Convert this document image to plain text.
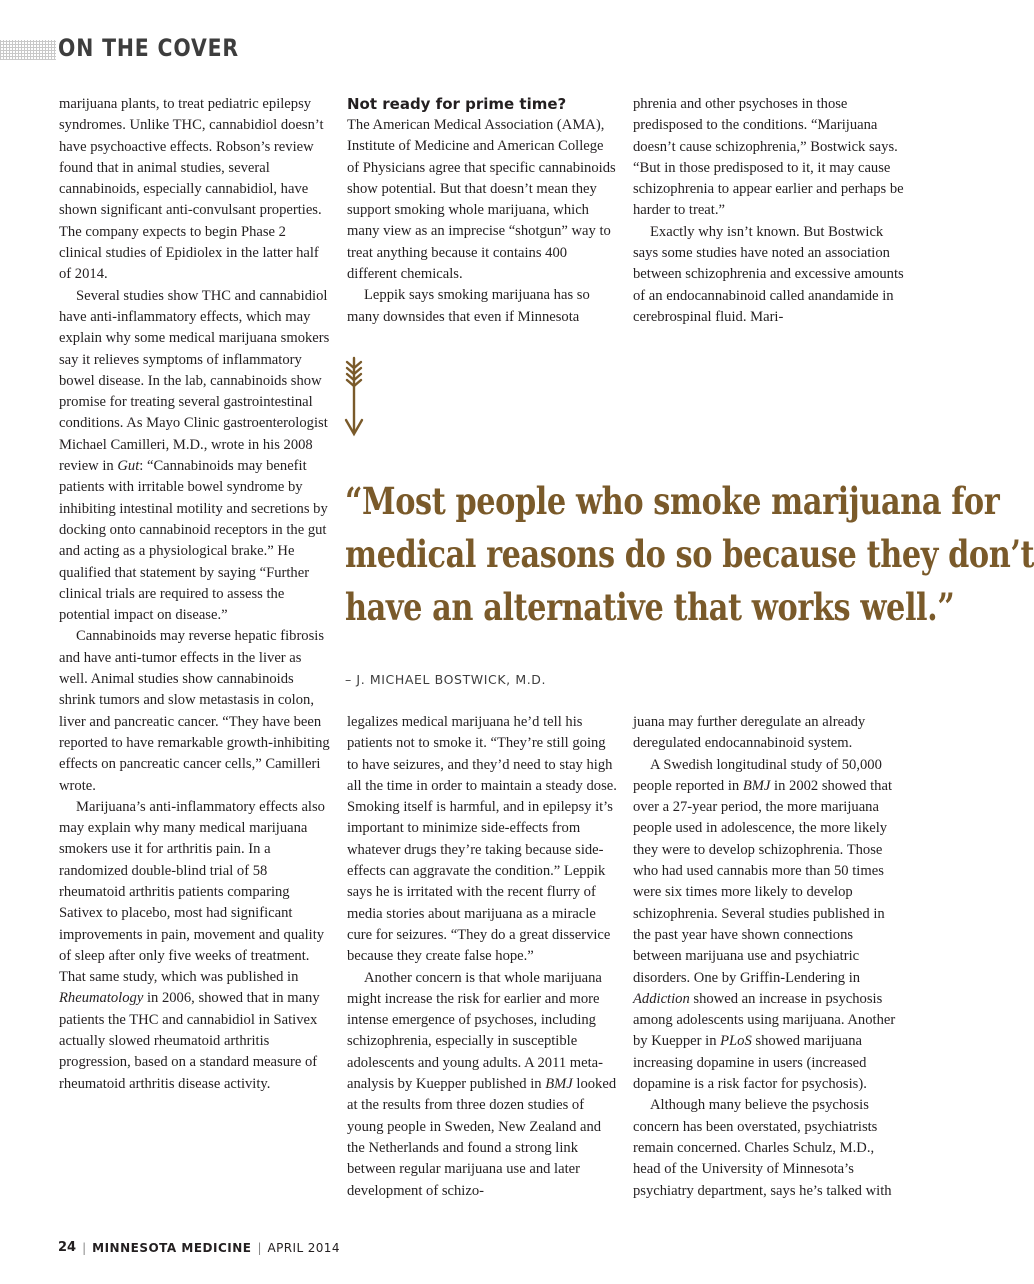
ON THE COVER

marijuana plants, to treat pediatric epilepsy syndromes. Unlike THC, cannabidiol doesn’t have psychoactive effects. Robson’s review found that in animal studies, several cannabinoids, especially cannabidiol, have shown significant anti-convulsant properties. The company expects to begin Phase 2 clinical studies of Epidiolex in the latter half of 2014.

Several studies show THC and cannabidiol have anti-inflammatory effects, which may explain why some medical marijuana smokers say it relieves symptoms of inflammatory bowel disease. In the lab, cannabinoids show promise for treating several gastrointestinal conditions. As Mayo Clinic gastroenterologist Michael Camilleri, M.D., wrote in his 2008 review in Gut: “Cannabinoids may benefit patients with irritable bowel syndrome by inhibiting intestinal motility and secretions by docking onto cannabinoid receptors in the gut and acting as a physiological brake.” He qualified that statement by saying “Further clinical trials are required to assess the potential impact on disease.”

Cannabinoids may reverse hepatic fibrosis and have anti-tumor effects in the liver as well. Animal studies show cannabinoids shrink tumors and slow metastasis in colon, liver and pancreatic cancer. “They have been reported to have remarkable growth-inhibiting effects on pancreatic cancer cells,” Camilleri wrote.

Marijuana’s anti-inflammatory effects also may explain why many medical marijuana smokers use it for arthritis pain. In a randomized double-blind trial of 58 rheumatoid arthritis patients comparing Sativex to placebo, most had significant improvements in pain, movement and quality of sleep after only five weeks of treatment. That same study, which was published in Rheumatology in 2006, showed that in many patients the THC and cannabidiol in Sativex actually slowed rheumatoid arthritis progression, based on a standard measure of rheumatoid arthritis disease activity.

Not ready for prime time?

The American Medical Association (AMA), Institute of Medicine and American College of Physicians agree that specific cannabinoids show potential. But that doesn’t mean they support smoking whole marijuana, which many view as an imprecise “shotgun” way to treat anything because it contains 400 different chemicals.

Leppik says smoking marijuana has so many downsides that even if Minnesota

phrenia and other psychoses in those predisposed to the conditions. “Marijuana doesn’t cause schizophrenia,” Bostwick says. “But in those predisposed to it, it may cause schizophrenia to appear earlier and perhaps be harder to treat.”

Exactly why isn’t known. But Bostwick says some studies have noted an association between schizophrenia and excessive amounts of an endocannabinoid called anandamide in cerebrospinal fluid. Mari-

“Most people who smoke marijuana for
medical reasons do so because they don’t
have an alternative that works well.”

– J. MICHAEL BOSTWICK, M.D.

legalizes medical marijuana he’d tell his patients not to smoke it. “They’re still going to have seizures, and they’d need to stay high all the time in order to maintain a steady dose. Smoking itself is harmful, and in epilepsy it’s important to minimize side-effects from whatever drugs they’re taking because side-effects can aggravate the condition.” Leppik says he is irritated with the recent flurry of media stories about marijuana as a miracle cure for seizures. “They do a great disservice because they create false hope.”

Another concern is that whole marijuana might increase the risk for earlier and more intense emergence of psychoses, including schizophrenia, especially in susceptible adolescents and young adults. A 2011 meta-analysis by Kuepper published in BMJ looked at the results from three dozen studies of young people in Sweden, New Zealand and the Netherlands and found a strong link between regular marijuana use and later development of schizo-

juana may further deregulate an already deregulated endocannabinoid system.

A Swedish longitudinal study of 50,000 people reported in BMJ in 2002 showed that over a 27-year period, the more marijuana people used in adolescence, the more likely they were to develop schizophrenia. Those who had used cannabis more than 50 times were six times more likely to develop schizophrenia. Several studies published in the past year have shown connections between marijuana use and psychiatric disorders. One by Griffin-Lendering in Addiction showed an increase in psychosis among adolescents using marijuana. Another by Kuepper in PLoS showed marijuana increasing dopamine in users (increased dopamine is a risk factor for psychosis).

Although many believe the psychosis concern has been overstated, psychiatrists remain concerned. Charles Schulz, M.D., head of the University of Minnesota’s psychiatry department, says he’s talked with

24 | MINNESOTA MEDICINE | APRIL 2014
